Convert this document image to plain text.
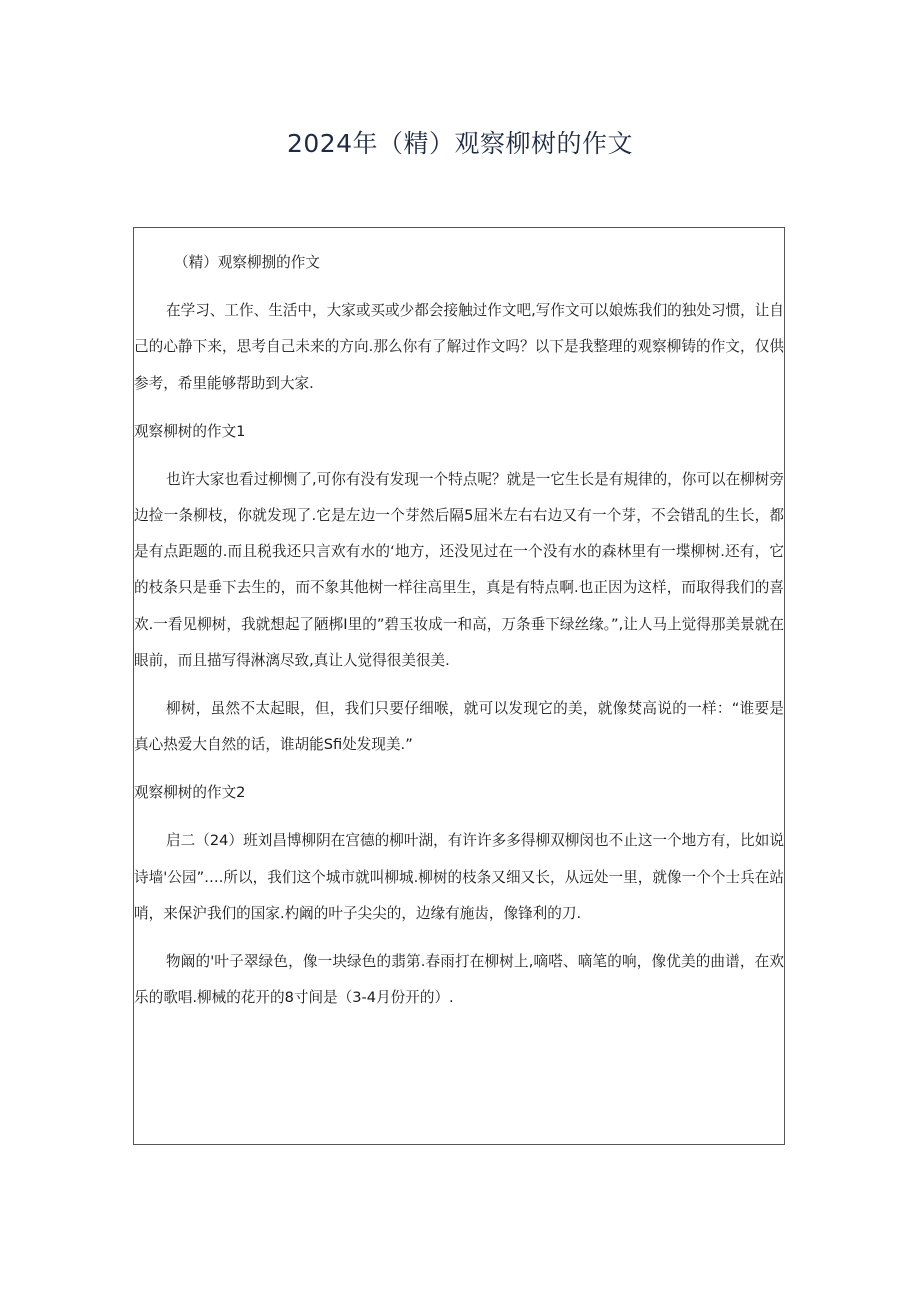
2024年（精）观察柳树的作文

（精）观察柳捌的作文

在学习、工作、生活中，大家或买或少都会接触过作文吧,写作文可以娘炼我们的独处习惯，让自己的心静下来，思考自己未来的方向.那么你有了解过作文吗？以下是我整理的观察柳铸的作文，仅供参考，希里能够帮助到大家.

观察柳树的作文1

也许大家也看过柳恻了,可你有没有发现一个特点呢？就是一它生长是有規律的，你可以在柳树旁边捡一条柳枝，你就发现了.它是左边一个芽然后隔5屈米左右右边又有一个芽，不会错乱的生长，都是有点距题的.而且税我还只言欢有水的‘地方，还没见过在一个没有水的森林里有一堞柳树.还有，它的枝条只是垂下去生的，而不象其他树一样往高里生，真是有特点啊.也正因为这样，而取得我们的喜欢.一看见柳树，我就想起了陋梆I里的”碧玉妆成一和高，万条垂下绿丝缘。”,让人马上觉得那美景就在眼前，而且描写得淋漓尽致,真让人觉得很美很美.

柳树，虽然不太起眼，但，我们只要仔细喉，就可以发现它的美，就像焚高说的一样：“谁要是真心热爱大自然的话，谁胡能Sfi处发现美.”

观察柳树的作文2

启二（24）班刘昌博柳阴在宫德的柳叶湖，有许许多多得柳双柳闵也不止这一个地方有，比如说诗墙'公园”….所以，我们这个城市就叫柳城.柳树的枝条又细又长，从远处一里，就像一个个士兵在站哨，来保沪我们的国家.杓阚的叶子尖尖的，边缘有施齿，像锋利的刀.

物阚的'叶子翠绿色，像一块绿色的翡第.春雨打在柳树上,嘀嗒、嘀笔的响，像优美的曲谱，在欢乐的歌唱.柳械的花开的8寸间是（3-4月份开的）.
